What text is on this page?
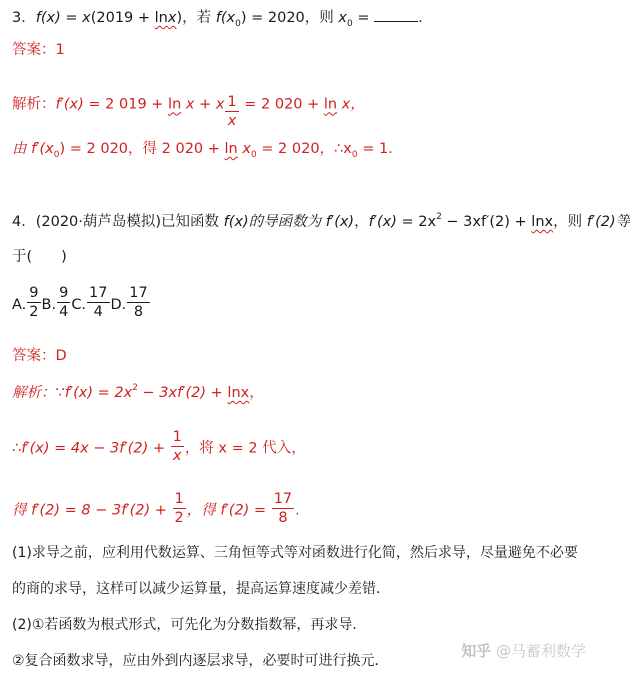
3．f(x) = x(2019 + lnx)，若 $f(x_0) = 2020$，则 $x_0$ =	.
答案：1
解析：f′(x) = 2 019 + ln x + x $\frac{1}{x} = 2$ 020 + ln x，
由 $f'(x_0) = 2$ 020，得 2 $020 + \ln x_0 = 2$ 020，$\therefore x_0 = 1$.
4．(2020·葫芦岛模拟)已知函数 f(x)的导函数为 f′(x)，$f'(x) = 2x^2 - 3xf'(2) + \ln x$，则 f′(2)等
于(　　)
A. $\frac{9}{2} B$. $\frac{9}{4} C$. $\frac{17}{4} D$. $\frac{17}{8}$
答案：D
解析：∵f′(x) = $2x^2 - 3xf'(2) + \ln x$，
∴f′(x) = $4x - 3f'(2) + \frac{1}{x}$ ，将 x = 2 代入，
得 $f'(2) = 8 - 3f'(2) + \frac{1}{2}$ ，得 $f'(2) = \frac{17}{8}$ .
(1)求导之前，应利用代数运算、三角恒等式等对函数进行化简，然后求导，尽量避免不必要
的商的求导，这样可以减少运算量，提高运算速度减少差错．
(2)①若函数为根式形式，可先化为分数指数幂，再求导．
②复合函数求导，应由外到内逐层求导，必要时可进行换元．
知乎 @马蓄利数学
